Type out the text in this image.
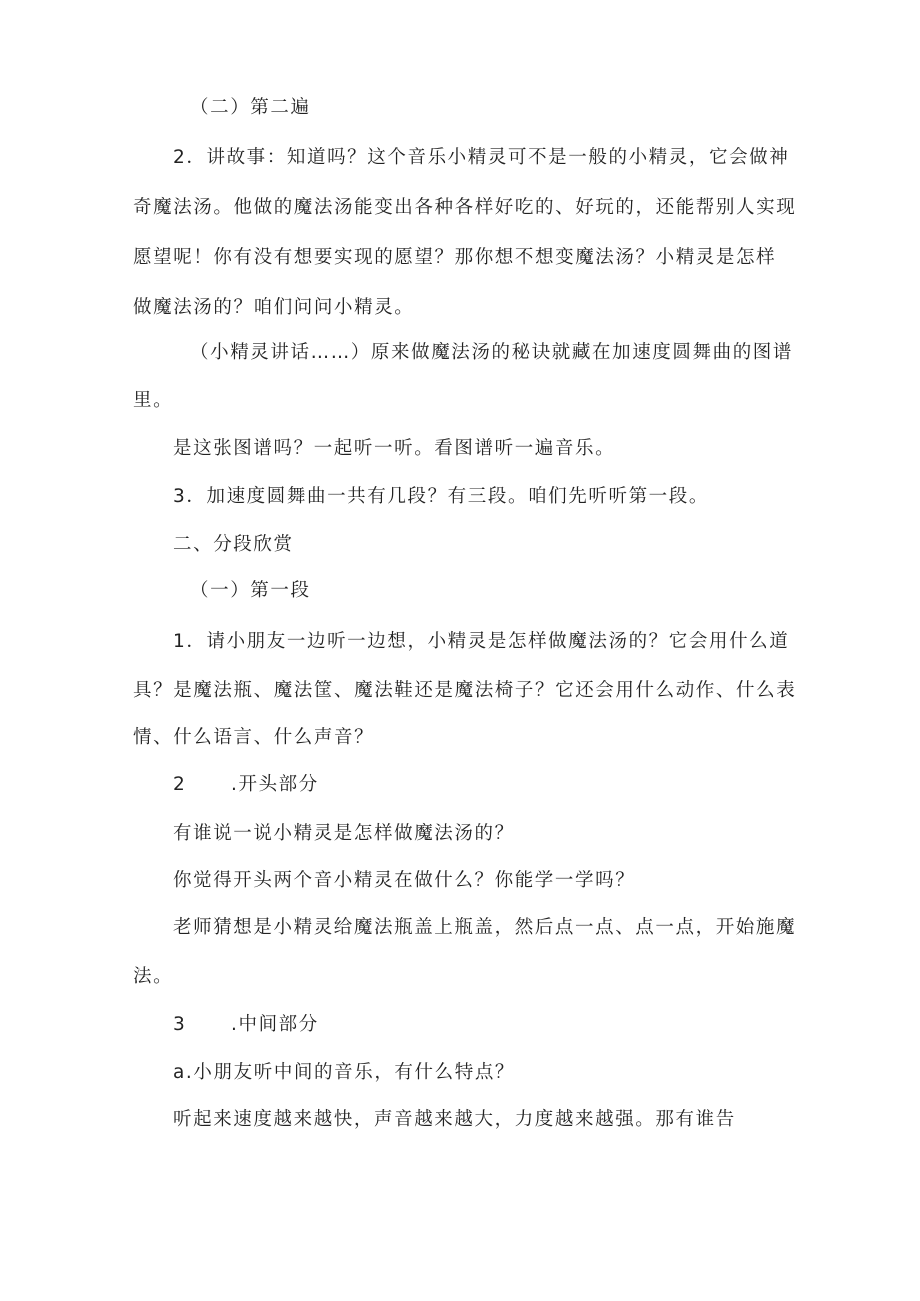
（二）第二遍
2．讲故事：知道吗？这个音乐小精灵可不是一般的小精灵，它会做神
奇魔法汤。他做的魔法汤能变出各种各样好吃的、好玩的，还能帮别人实现
愿望呢！你有没有想要实现的愿望？那你想不想变魔法汤？小精灵是怎样
做魔法汤的？咱们问问小精灵。
（小精灵讲话……）原来做魔法汤的秘诀就藏在加速度圆舞曲的图谱
里。
是这张图谱吗？一起听一听。看图谱听一遍音乐。
3．加速度圆舞曲一共有几段？有三段。咱们先听听第一段。
二、分段欣赏
（一）第一段
1．请小朋友一边听一边想，小精灵是怎样做魔法汤的？它会用什么道
具？是魔法瓶、魔法筐、魔法鞋还是魔法椅子？它还会用什么动作、什么表
情、什么语言、什么声音？
2 .开头部分
有谁说一说小精灵是怎样做魔法汤的？
你觉得开头两个音小精灵在做什么？你能学一学吗？
老师猜想是小精灵给魔法瓶盖上瓶盖，然后点一点、点一点，开始施魔
法。
3 .中间部分
a.小朋友听中间的音乐，有什么特点？
听起来速度越来越快，声音越来越大，力度越来越强。那有谁告
